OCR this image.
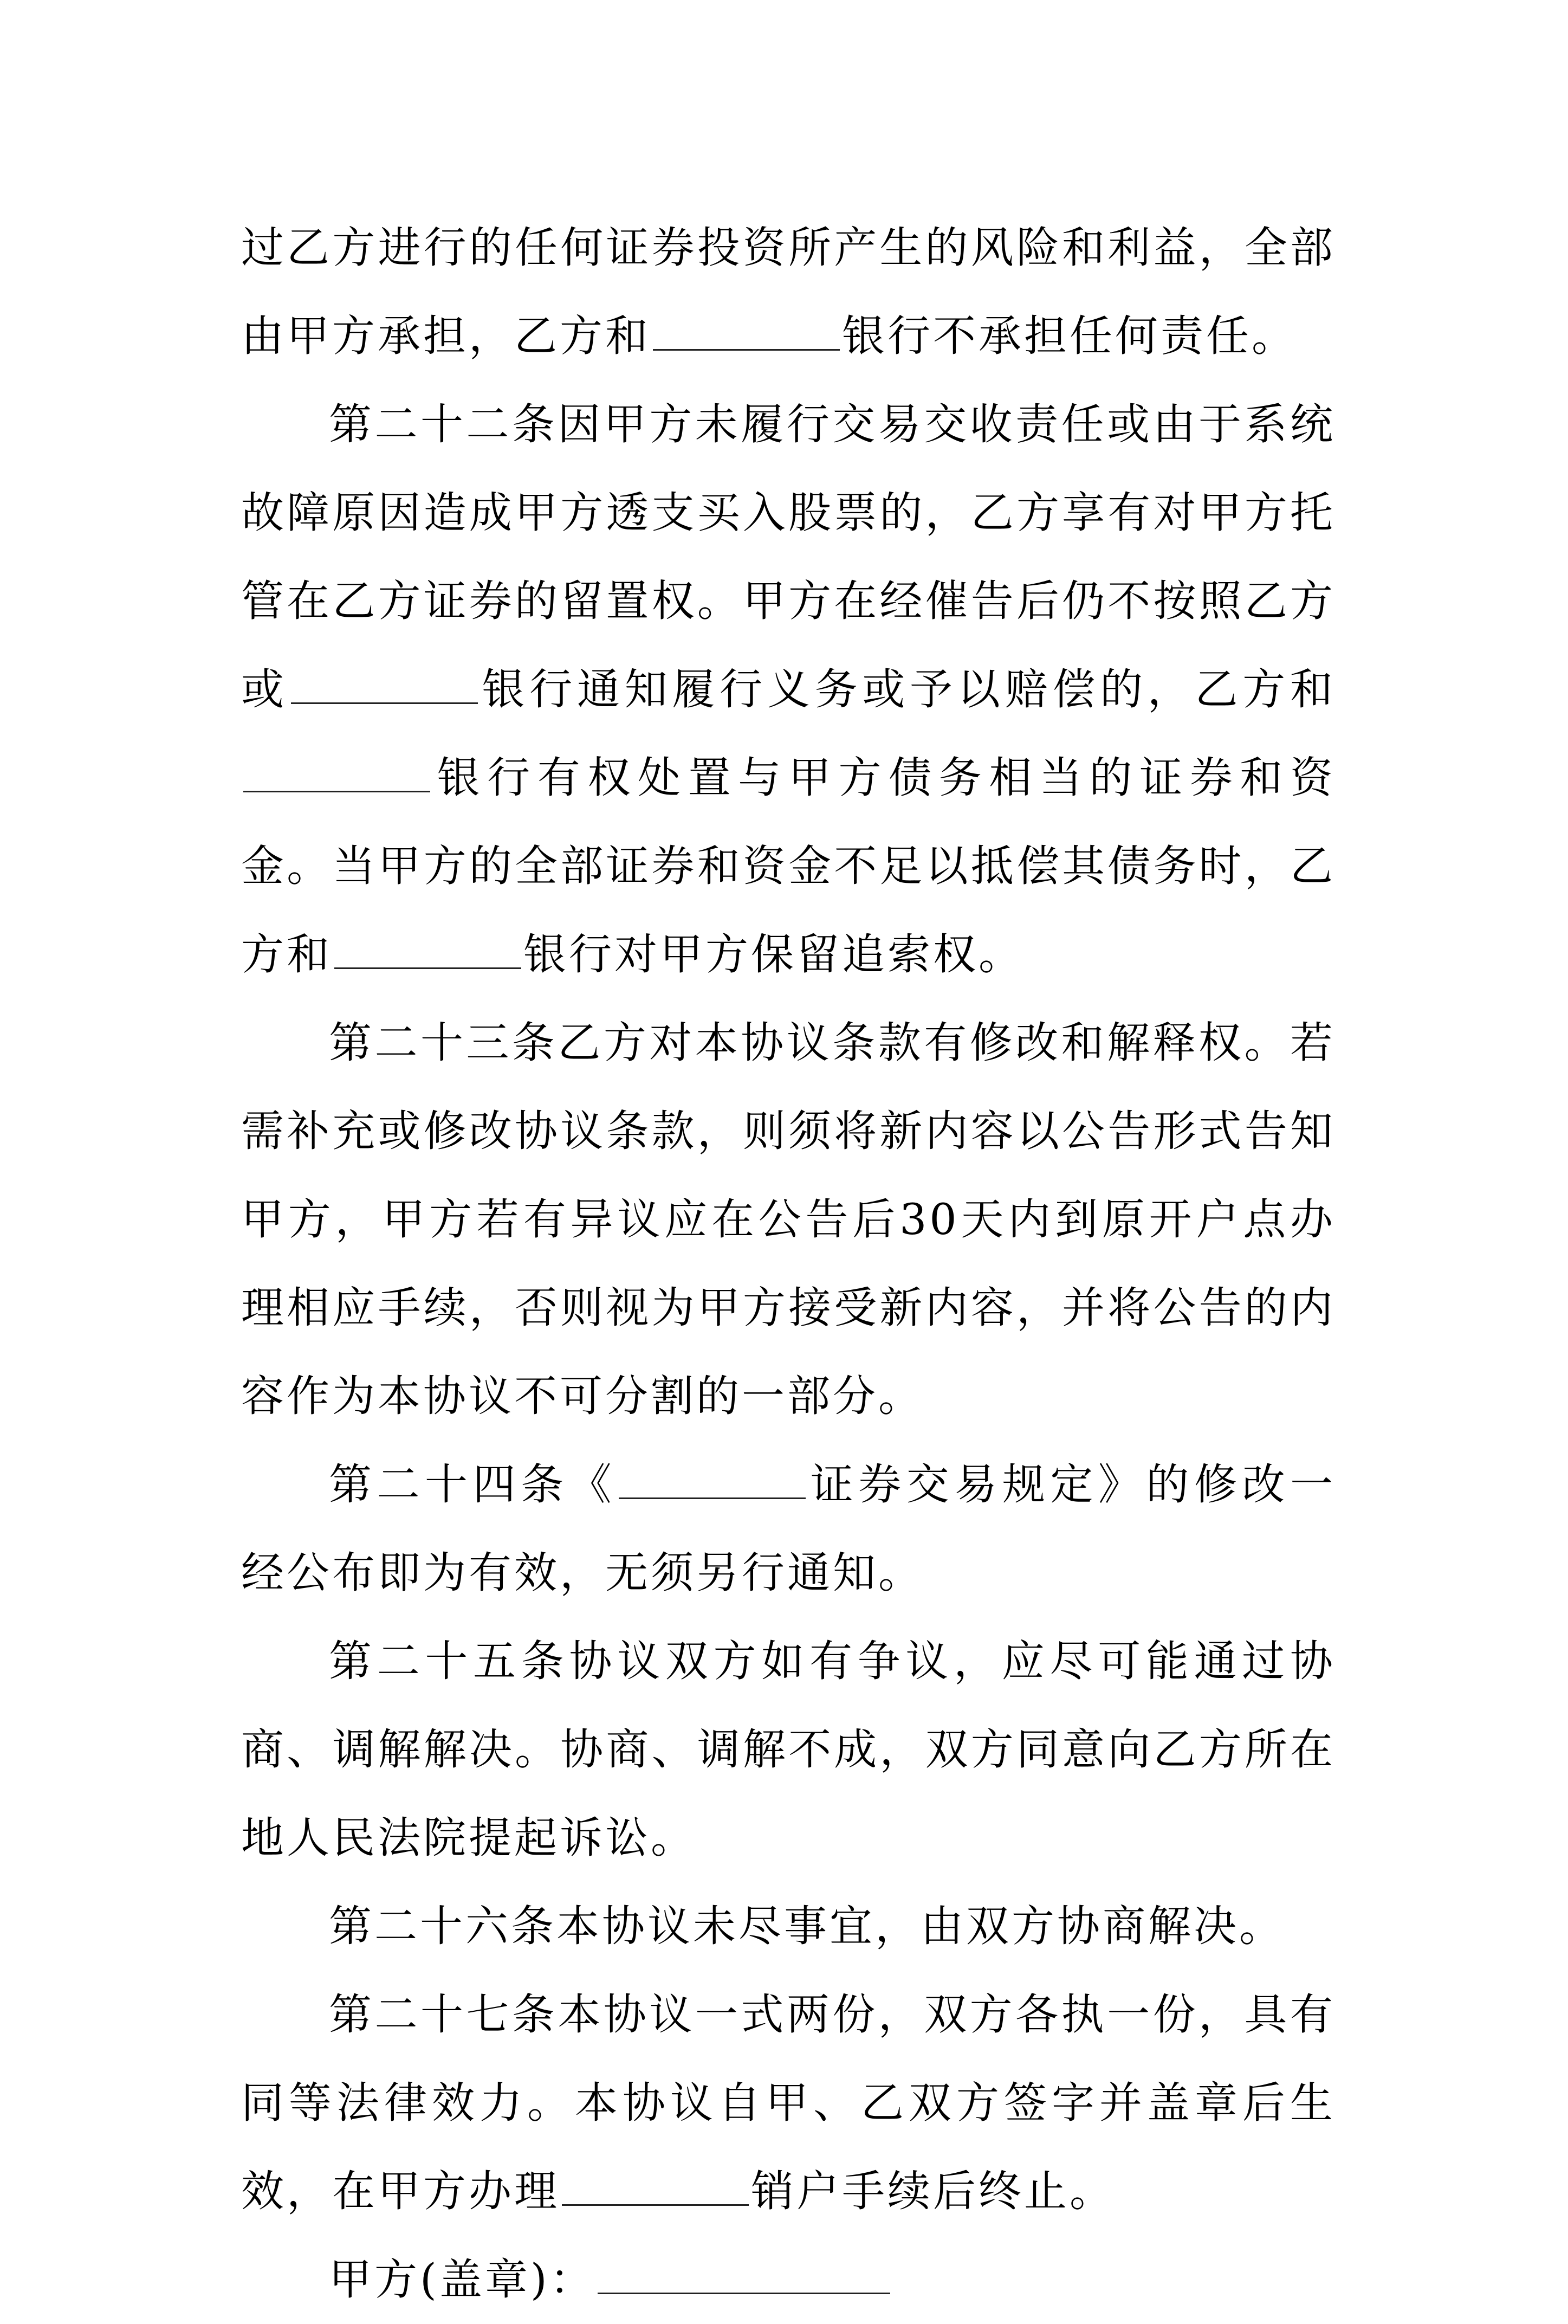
过乙方进行的任何证券投资所产生的风险和利益，全部由甲方承担，乙方和	银行不承担任何责任。

第二十二条因甲方未履行交易交收责任或由于系统故障原因造成甲方透支买入股票的，乙方享有对甲方托管在乙方证券的留置权。甲方在经催告后仍不按照乙方或	银行通知履行义务或予以赔偿的，乙方和银行有权处置与甲方债务相当的证券和资金。当甲方的全部证券和资金不足以抵偿其债务时，乙方和	银行对甲方保留追索权。

第二十三条乙方对本协议条款有修改和解释权。若需补充或修改协议条款，则须将新内容以公告形式告知甲方，甲方若有异议应在公告后30天内到原开户点办理相应手续，否则视为甲方接受新内容，并将公告的内容作为本协议不可分割的一部分。

第二十四条《	证券交易规定》的修改一经公布即为有效，无须另行通知。

第二十五条协议双方如有争议，应尽可能通过协商、调解解决。协商、调解不成，双方同意向乙方所在地人民法院提起诉讼。

第二十六条本协议未尽事宜，由双方协商解决。

第二十七条本协议一式两份，双方各执一份，具有同等法律效力。本协议自甲、乙双方签字并盖章后生效，在甲方办理	销户手续后终止。

甲方(盖章)：
